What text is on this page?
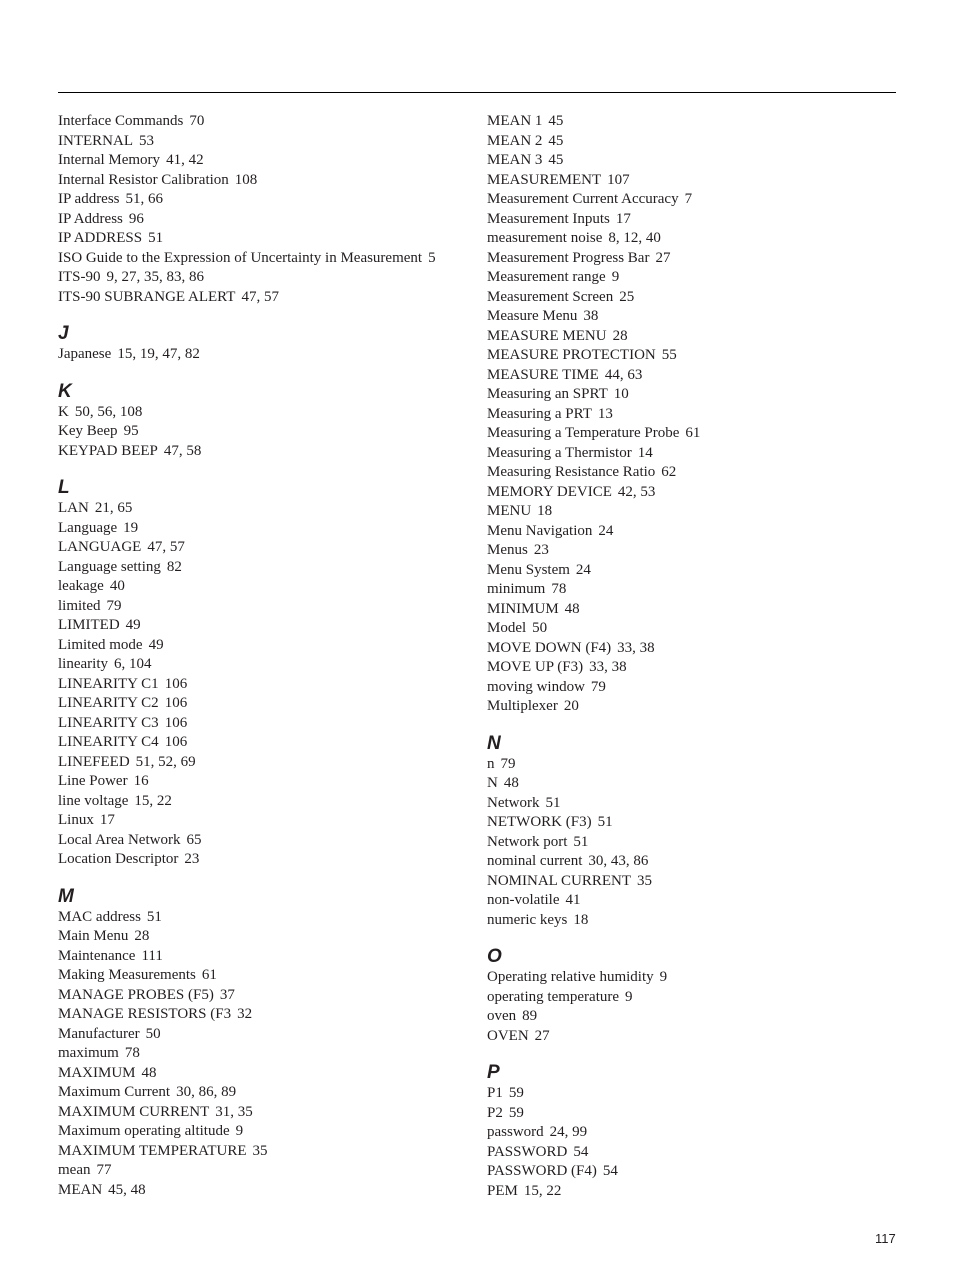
Interface Commands 70
INTERNAL 53
Internal Memory 41, 42
Internal Resistor Calibration 108
IP address 51, 66
IP Address 96
IP ADDRESS 51
ISO Guide to the Expression of Uncertainty in Measurement 5
ITS-90 9, 27, 35, 83, 86
ITS-90 SUBRANGE ALERT 47, 57
J
Japanese 15, 19, 47, 82
K
K 50, 56, 108
Key Beep 95
KEYPAD BEEP 47, 58
L
LAN 21, 65
Language 19
LANGUAGE 47, 57
Language setting 82
leakage 40
limited 79
LIMITED 49
Limited mode 49
linearity 6, 104
LINEARITY C1 106
LINEARITY C2 106
LINEARITY C3 106
LINEARITY C4 106
LINEFEED 51, 52, 69
Line Power 16
line voltage 15, 22
Linux 17
Local Area Network 65
Location Descriptor 23
M
MAC address 51
Main Menu 28
Maintenance 111
Making Measurements 61
MANAGE PROBES (F5) 37
MANAGE RESISTORS (F3 32
Manufacturer 50
maximum 78
MAXIMUM 48
Maximum Current 30, 86, 89
MAXIMUM CURRENT 31, 35
Maximum operating altitude 9
MAXIMUM TEMPERATURE 35
mean 77
MEAN 45, 48
MEAN 1 45
MEAN 2 45
MEAN 3 45
MEASUREMENT 107
Measurement Current Accuracy 7
Measurement Inputs 17
measurement noise 8, 12, 40
Measurement Progress Bar 27
Measurement range 9
Measurement Screen 25
Measure Menu 38
MEASURE MENU 28
MEASURE PROTECTION 55
MEASURE TIME 44, 63
Measuring an SPRT 10
Measuring a PRT 13
Measuring a Temperature Probe 61
Measuring a Thermistor 14
Measuring Resistance Ratio 62
MEMORY DEVICE 42, 53
MENU 18
Menu Navigation 24
Menus 23
Menu System 24
minimum 78
MINIMUM 48
Model 50
MOVE DOWN (F4) 33, 38
MOVE UP (F3) 33, 38
moving window 79
Multiplexer 20
N
n 79
N 48
Network 51
NETWORK (F3) 51
Network port 51
nominal current 30, 43, 86
NOMINAL CURRENT 35
non-volatile 41
numeric keys 18
O
Operating relative humidity 9
operating temperature 9
oven 89
OVEN 27
P
P1 59
P2 59
password 24, 99
PASSWORD 54
PASSWORD (F4) 54
PEM 15, 22
117
